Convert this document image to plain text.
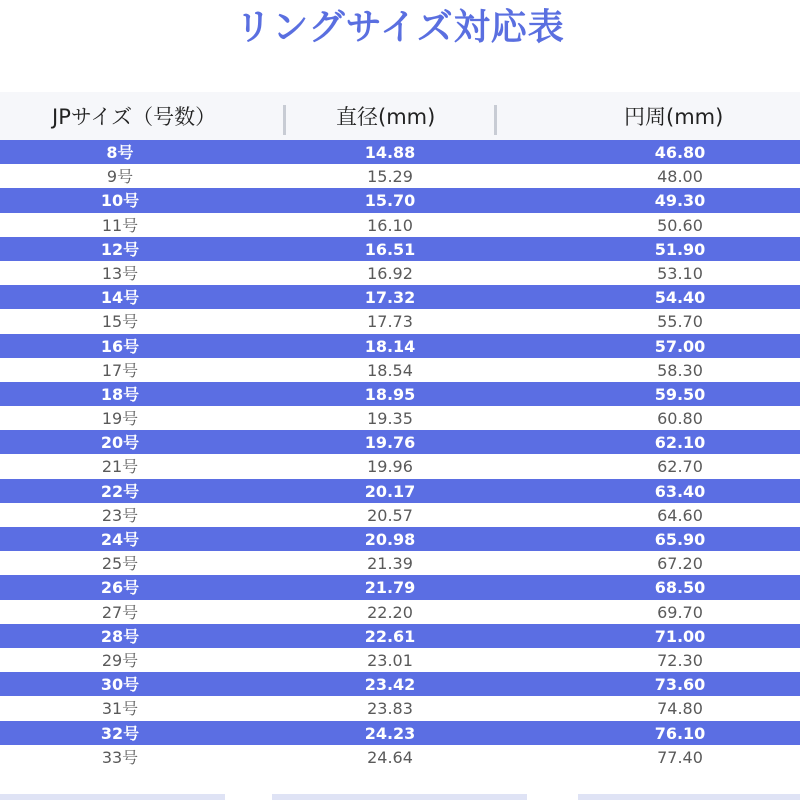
リングサイズ対応表
JPサイズ（号数）	直径(mm)	円周(mm)
8号	14.88	46.80
9号	15.29	48.00
10号	15.70	49.30
11号	16.10	50.60
12号	16.51	51.90
13号	16.92	53.10
14号	17.32	54.40
15号	17.73	55.70
16号	18.14	57.00
17号	18.54	58.30
18号	18.95	59.50
19号	19.35	60.80
20号	19.76	62.10
21号	19.96	62.70
22号	20.17	63.40
23号	20.57	64.60
24号	20.98	65.90
25号	21.39	67.20
26号	21.79	68.50
27号	22.20	69.70
28号	22.61	71.00
29号	23.01	72.30
30号	23.42	73.60
31号	23.83	74.80
32号	24.23	76.10
33号	24.64	77.40
